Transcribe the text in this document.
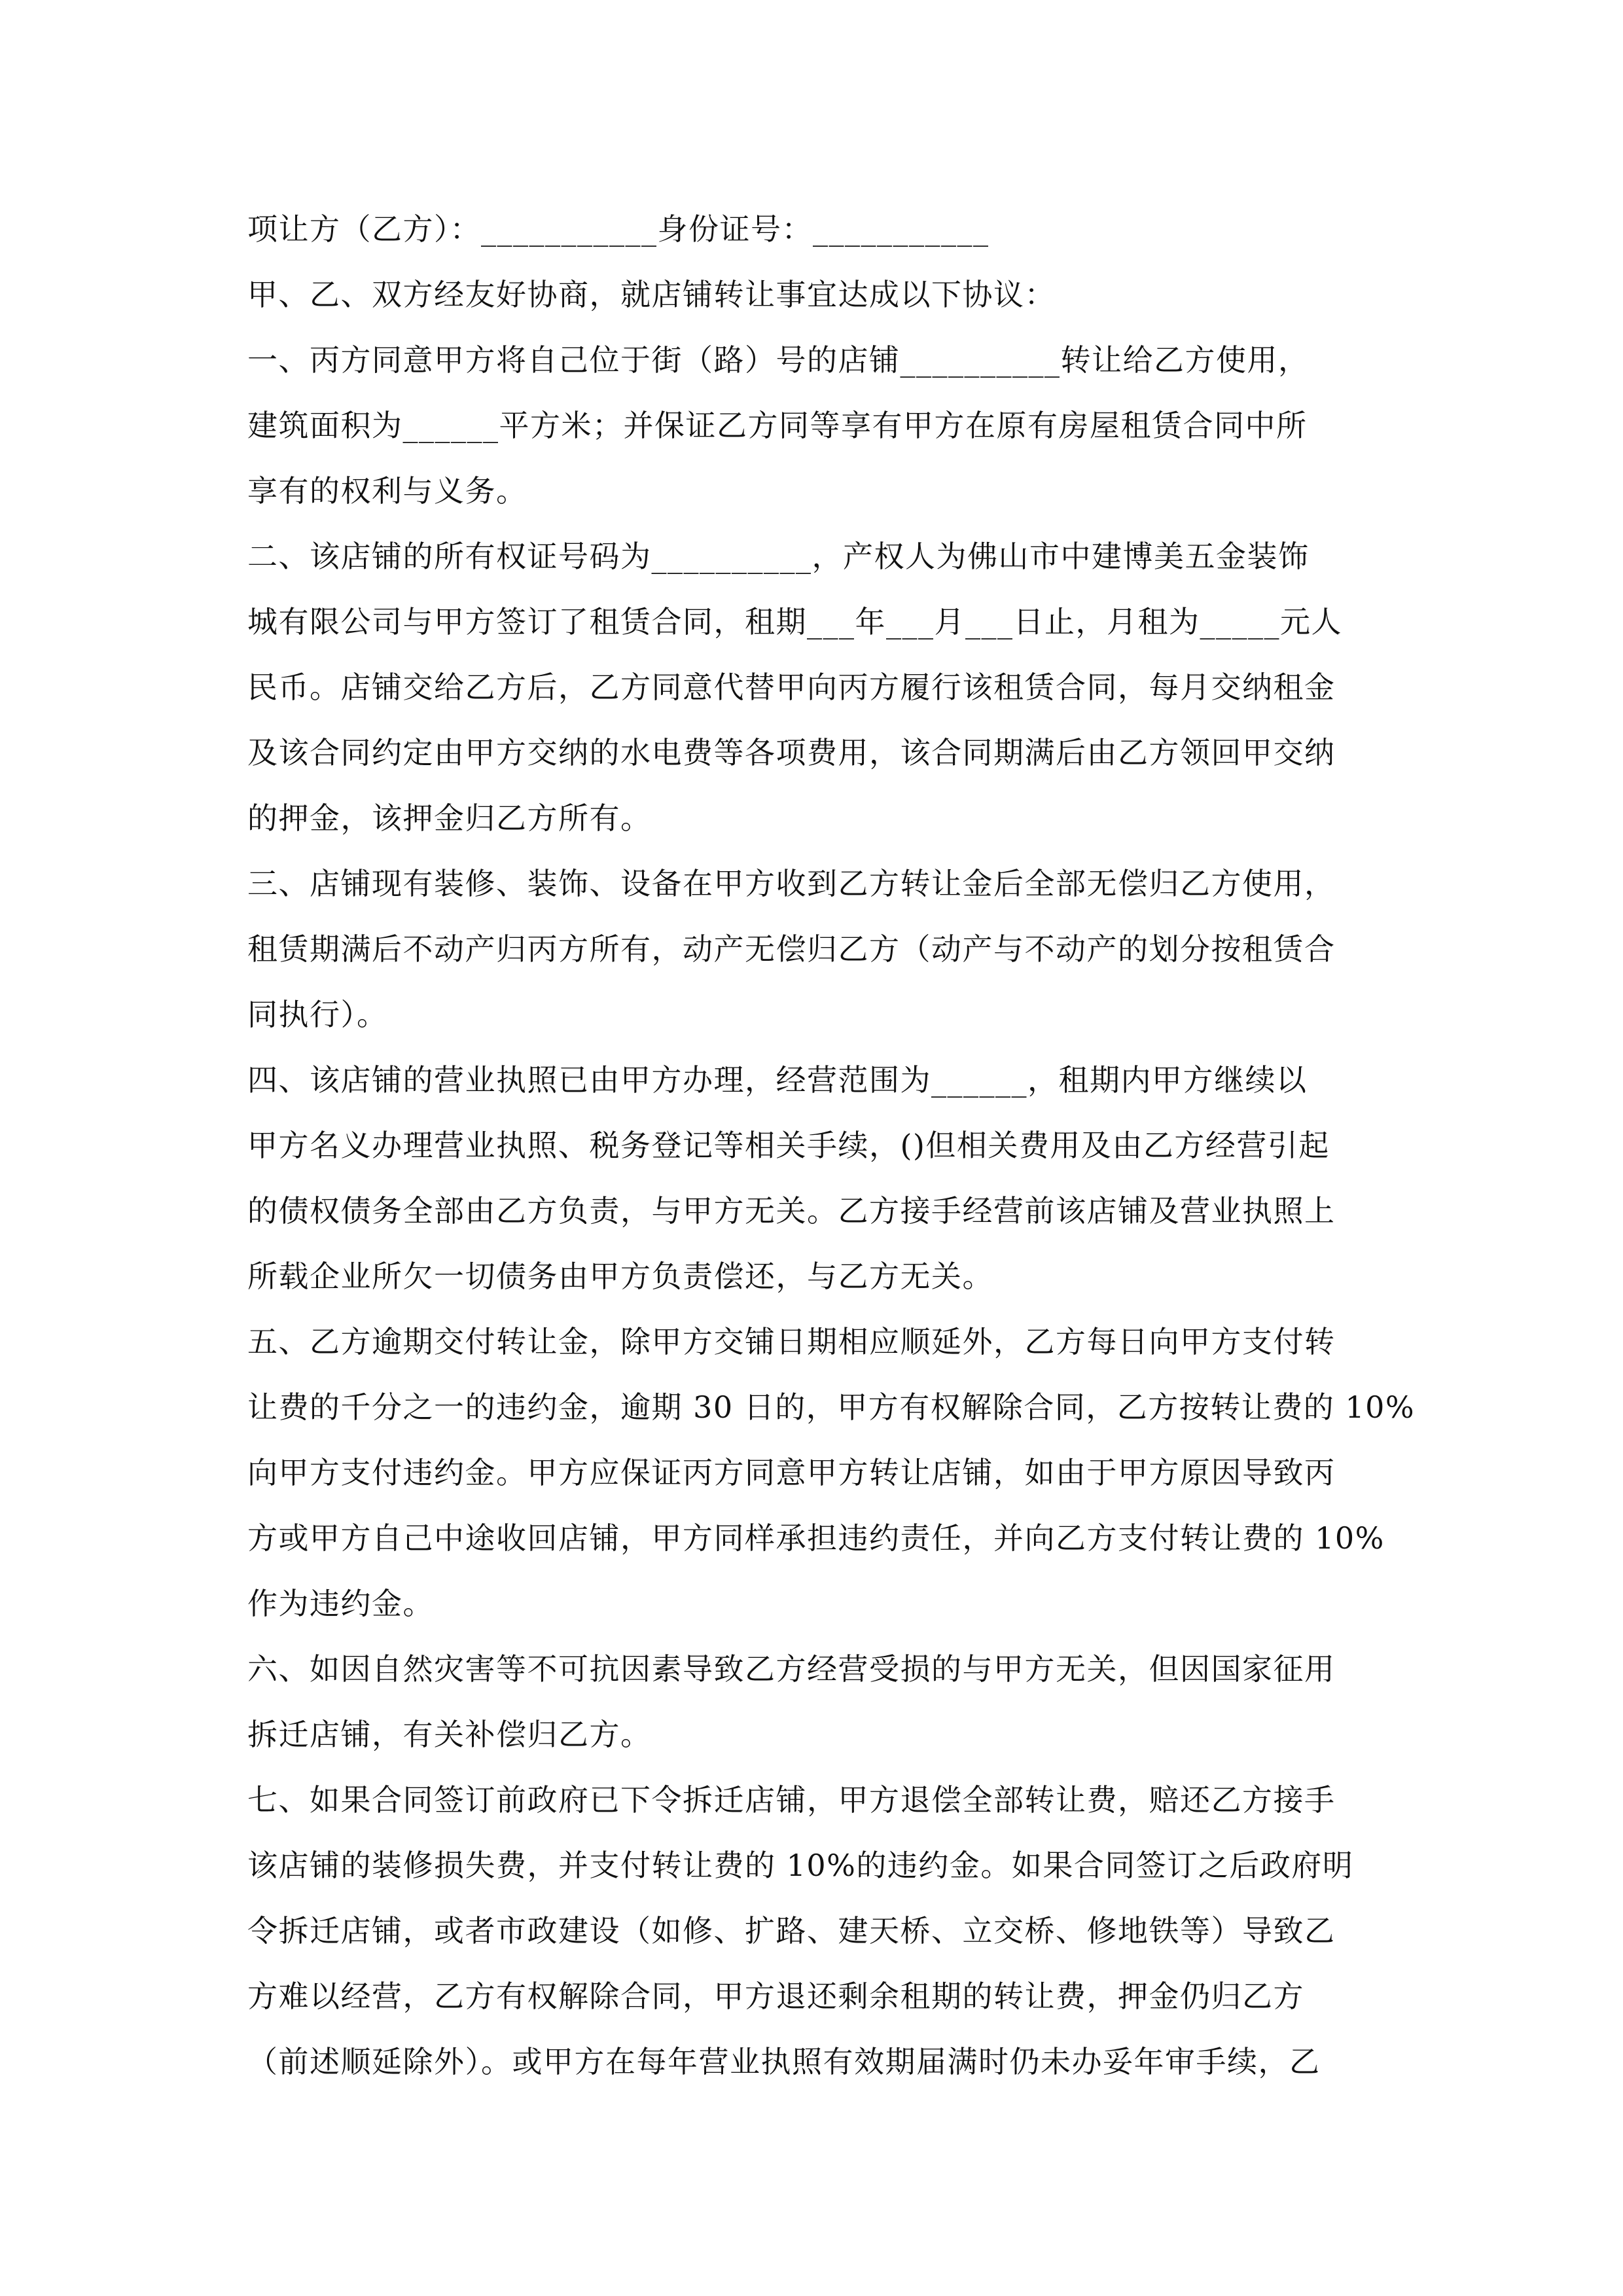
项让方（乙方）：___________身份证号：___________
甲、乙、双方经友好协商，就店铺转让事宜达成以下协议：
一、丙方同意甲方将自己位于街（路）号的店铺__________转让给乙方使用，
建筑面积为______平方米；并保证乙方同等享有甲方在原有房屋租赁合同中所
享有的权利与义务。
二、该店铺的所有权证号码为__________，产权人为佛山市中建博美五金装饰
城有限公司与甲方签订了租赁合同，租期___年___月___日止，月租为_____元人
民币。店铺交给乙方后，乙方同意代替甲向丙方履行该租赁合同，每月交纳租金
及该合同约定由甲方交纳的水电费等各项费用，该合同期满后由乙方领回甲交纳
的押金，该押金归乙方所有。
三、店铺现有装修、装饰、设备在甲方收到乙方转让金后全部无偿归乙方使用，
租赁期满后不动产归丙方所有，动产无偿归乙方（动产与不动产的划分按租赁合
同执行）。
四、该店铺的营业执照已由甲方办理，经营范围为______，租期内甲方继续以
甲方名义办理营业执照、税务登记等相关手续，()但相关费用及由乙方经营引起
的债权债务全部由乙方负责，与甲方无关。乙方接手经营前该店铺及营业执照上
所载企业所欠一切债务由甲方负责偿还，与乙方无关。
五、乙方逾期交付转让金，除甲方交铺日期相应顺延外，乙方每日向甲方支付转
让费的千分之一的违约金，逾期 30 日的，甲方有权解除合同，乙方按转让费的 10%
向甲方支付违约金。甲方应保证丙方同意甲方转让店铺，如由于甲方原因导致丙
方或甲方自己中途收回店铺，甲方同样承担违约责任，并向乙方支付转让费的 10%
作为违约金。
六、如因自然灾害等不可抗因素导致乙方经营受损的与甲方无关，但因国家征用
拆迁店铺，有关补偿归乙方。
七、如果合同签订前政府已下令拆迁店铺，甲方退偿全部转让费，赔还乙方接手
该店铺的装修损失费，并支付转让费的 10%的违约金。如果合同签订之后政府明
令拆迁店铺，或者市政建设（如修、扩路、建天桥、立交桥、修地铁等）导致乙
方难以经营，乙方有权解除合同，甲方退还剩余租期的转让费，押金仍归乙方
（前述顺延除外）。或甲方在每年营业执照有效期届满时仍未办妥年审手续，乙
